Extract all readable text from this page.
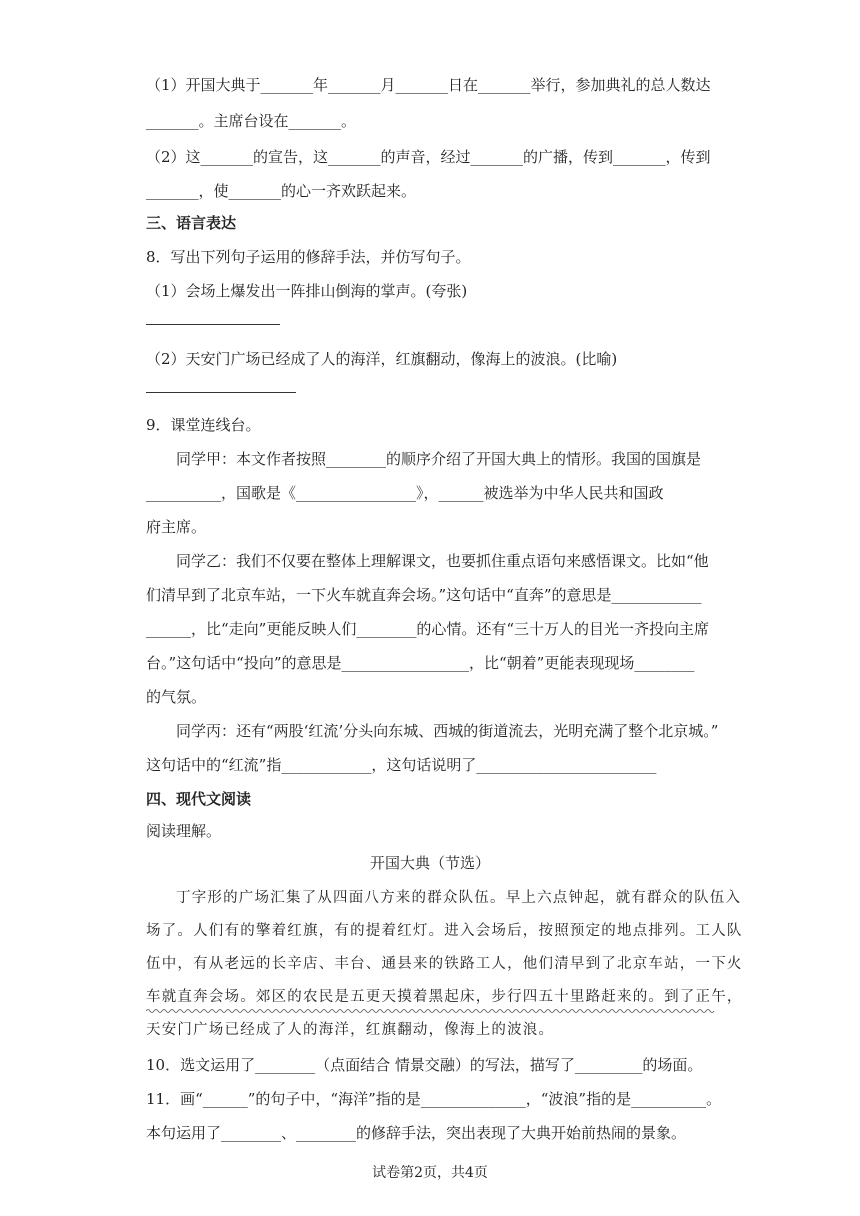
（1）开国大典于_______年_______月_______日在_______举行，参加典礼的总人数达
_______。主席台设在_______。
（2）这_______的宣告，这_______的声音，经过_______的广播，传到_______，传到
_______，使_______的心一齐欢跃起来。
三、语言表达
8．写出下列句子运用的修辞手法，并仿写句子。
（1）会场上爆发出一阵排山倒海的掌声。(夸张)
（2）天安门广场已经成了人的海洋，红旗翻动，像海上的波浪。(比喻)
9．课堂连线台。
同学甲：本文作者按照________的顺序介绍了开国大典上的情形。我国的国旗是
__________，国歌是《________________》，______被选举为中华人民共和国政
府主席。
同学乙：我们不仅要在整体上理解课文，也要抓住重点语句来感悟课文。比如“他
们清早到了北京车站，一下火车就直奔会场。”这句话中“直奔”的意思是____________
______，比“走向”更能反映人们________的心情。还有“三十万人的目光一齐投向主席
台。”这句话中“投向”的意思是_________________，比“朝着”更能表现现场________
的气氛。
同学丙：还有“两股‘红流’分头向东城、西城的街道流去，光明充满了整个北京城。”
这句话中的“红流”指____________，这句话说明了________________________
四、现代文阅读
阅读理解。
丁字形的广场汇集了从四面八方来的群众队伍。早上六点钟起，就有群众的队伍入
场了。人们有的擎着红旗，有的提着红灯。进入会场后，按照预定的地点排列。工人队
伍中，有从老远的长辛店、丰台、通县来的铁路工人，他们清早到了北京车站，一下火
车就直奔会场。郊区的农民是五更天摸着黑起床，步行四五十里路赶来的。到了正午，
天安门广场已经成了人的海洋，红旗翻动，像海上的波浪。
10．选文运用了________（点面结合 情景交融）的写法，描写了_________的场面。
11．画“______”的句子中，“海洋”指的是______________，“波浪”指的是__________。
本句运用了________、________的修辞手法，突出表现了大典开始前热闹的景象。
开国大典（节选）
试卷第2页，共4页
